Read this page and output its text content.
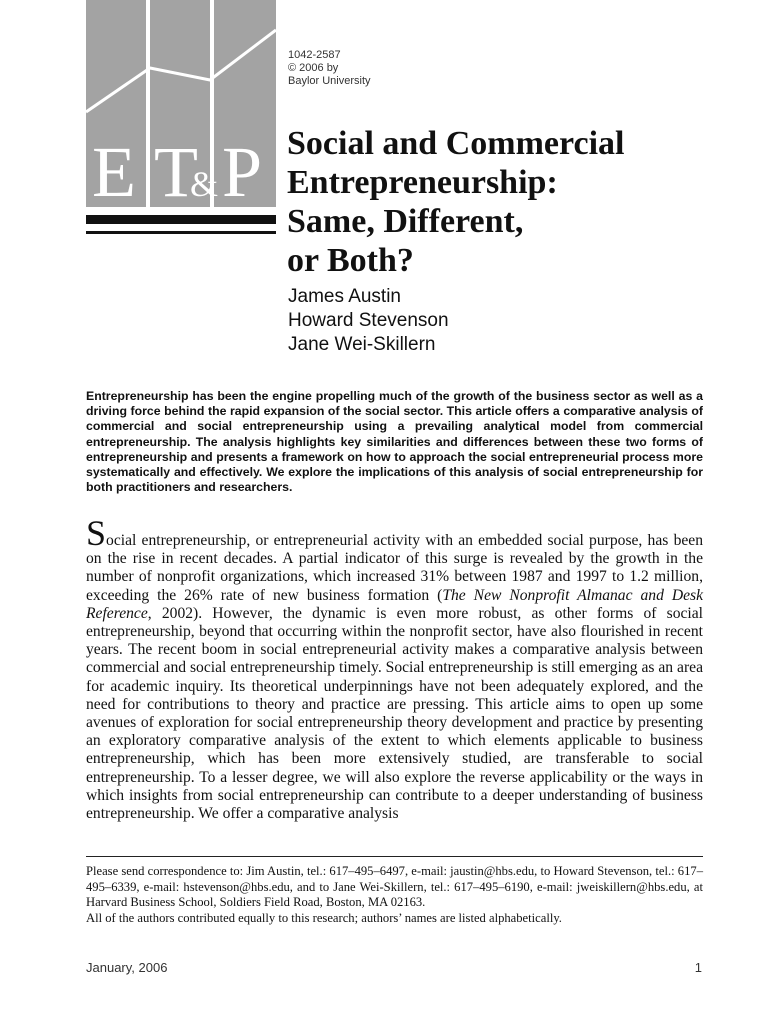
E T
& P
1042-2587
© 2006 by
Baylor University
Social and Commercial
Entrepreneurship:
Same, Different,
or Both?
James Austin
Howard Stevenson
Jane Wei-Skillern

Entrepreneurship has been the engine propelling much of the growth of the business sector as well as a driving force behind the rapid expansion of the social sector. This article offers a comparative analysis of commercial and social entrepreneurship using a prevailing analytical model from commercial entrepreneurship. The analysis highlights key similarities and differences between these two forms of entrepreneurship and presents a framework on how to approach the social entrepreneurial process more systematically and effectively. We explore the implications of this analysis of social entrepreneurship for both practitioners and researchers.

Social entrepreneurship, or entrepreneurial activity with an embedded social purpose, has been on the rise in recent decades. A partial indicator of this surge is revealed by the growth in the number of nonprofit organizations, which increased 31% between 1987 and 1997 to 1.2 million, exceeding the 26% rate of new business formation (The New Nonprofit Almanac and Desk Reference, 2002). However, the dynamic is even more robust, as other forms of social entrepreneurship, beyond that occurring within the nonprofit sector, have also flourished in recent years. The recent boom in social entrepreneurial activity makes a comparative analysis between commercial and social entrepreneurship timely. Social entrepreneurship is still emerging as an area for academic inquiry. Its theoretical underpinnings have not been adequately explored, and the need for contributions to theory and practice are pressing. This article aims to open up some avenues of exploration for social entrepreneurship theory development and practice by presenting an exploratory comparative analysis of the extent to which elements applicable to business entrepreneurship, which has been more extensively studied, are transferable to social entrepreneurship. To a lesser degree, we will also explore the reverse applicability or the ways in which insights from social entrepreneurship can contribute to a deeper understanding of business entrepreneurship. We offer a comparative analysis

Please send correspondence to: Jim Austin, tel.: 617–495–6497, e-mail: jaustin@hbs.edu, to Howard Stevenson, tel.: 617–495–6339, e-mail: hstevenson@hbs.edu, and to Jane Wei-Skillern, tel.: 617–495–6190, e-mail: jweiskillern@hbs.edu, at Harvard Business School, Soldiers Field Road, Boston, MA 02163.
All of the authors contributed equally to this research; authors’ names are listed alphabetically.
January, 2006	1
